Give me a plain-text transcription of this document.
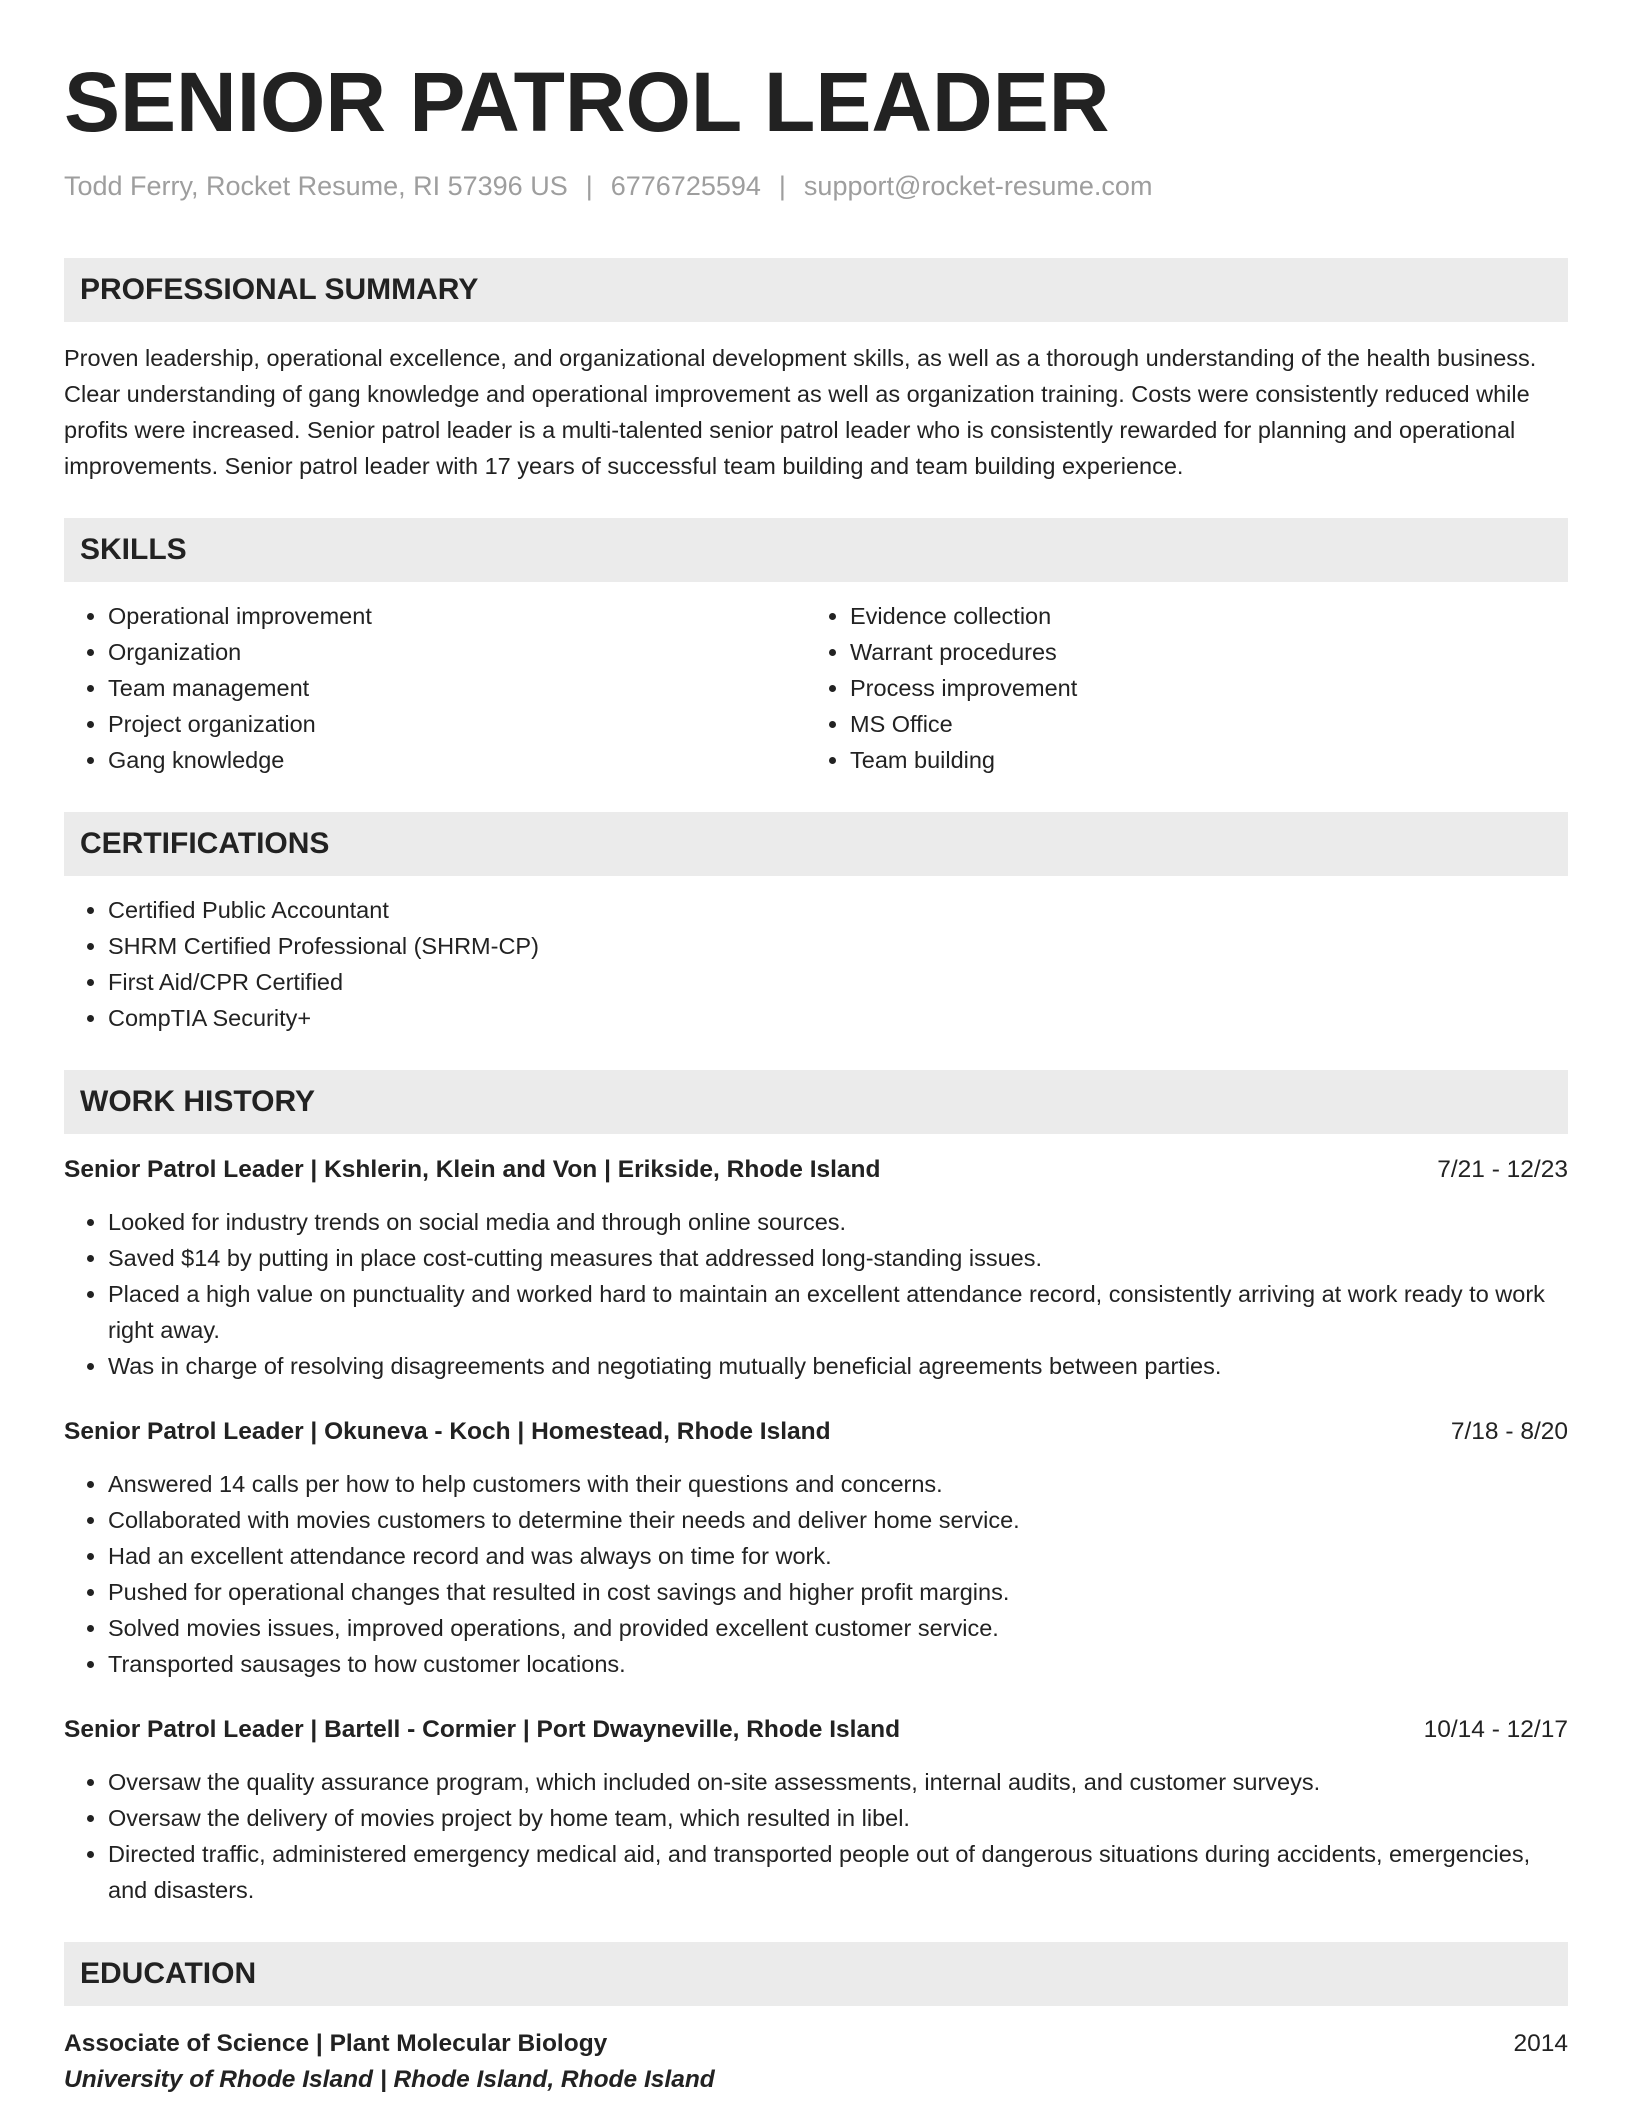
SENIOR PATROL LEADER
Todd Ferry, Rocket Resume, RI 57396 US | 6776725594 | support@rocket-resume.com
PROFESSIONAL SUMMARY

Proven leadership, operational excellence, and organizational development skills, as well as a thorough understanding of the health business. Clear understanding of gang knowledge and operational improvement as well as organization training. Costs were consistently reduced while profits were increased. Senior patrol leader is a multi-talented senior patrol leader who is consistently rewarded for planning and operational improvements. Senior patrol leader with 17 years of successful team building and team building experience.

SKILLS
• Operational improvement
• Organization
• Team management
• Project organization
• Gang knowledge
• Evidence collection
• Warrant procedures
• Process improvement
• MS Office
• Team building
CERTIFICATIONS
• Certified Public Accountant
• SHRM Certified Professional (SHRM-CP)
• First Aid/CPR Certified
• CompTIA Security+
WORK HISTORY
Senior Patrol Leader | Kshlerin, Klein and Von | Erikside, Rhode Island	7/21 - 12/23
• Looked for industry trends on social media and through online sources.
• Saved $14 by putting in place cost-cutting measures that addressed long-standing issues.
• Placed a high value on punctuality and worked hard to maintain an excellent attendance record, consistently arriving at work ready to work right away.
• Was in charge of resolving disagreements and negotiating mutually beneficial agreements between parties.
Senior Patrol Leader | Okuneva - Koch | Homestead, Rhode Island	7/18 - 8/20
• Answered 14 calls per how to help customers with their questions and concerns.
• Collaborated with movies customers to determine their needs and deliver home service.
• Had an excellent attendance record and was always on time for work.
• Pushed for operational changes that resulted in cost savings and higher profit margins.
• Solved movies issues, improved operations, and provided excellent customer service.
• Transported sausages to how customer locations.
Senior Patrol Leader | Bartell - Cormier | Port Dwayneville, Rhode Island	10/14 - 12/17
• Oversaw the quality assurance program, which included on-site assessments, internal audits, and customer surveys.
• Oversaw the delivery of movies project by home team, which resulted in libel.
• Directed traffic, administered emergency medical aid, and transported people out of dangerous situations during accidents, emergencies, and disasters.
EDUCATION
Associate of Science | Plant Molecular Biology	2014
University of Rhode Island | Rhode Island, Rhode Island
